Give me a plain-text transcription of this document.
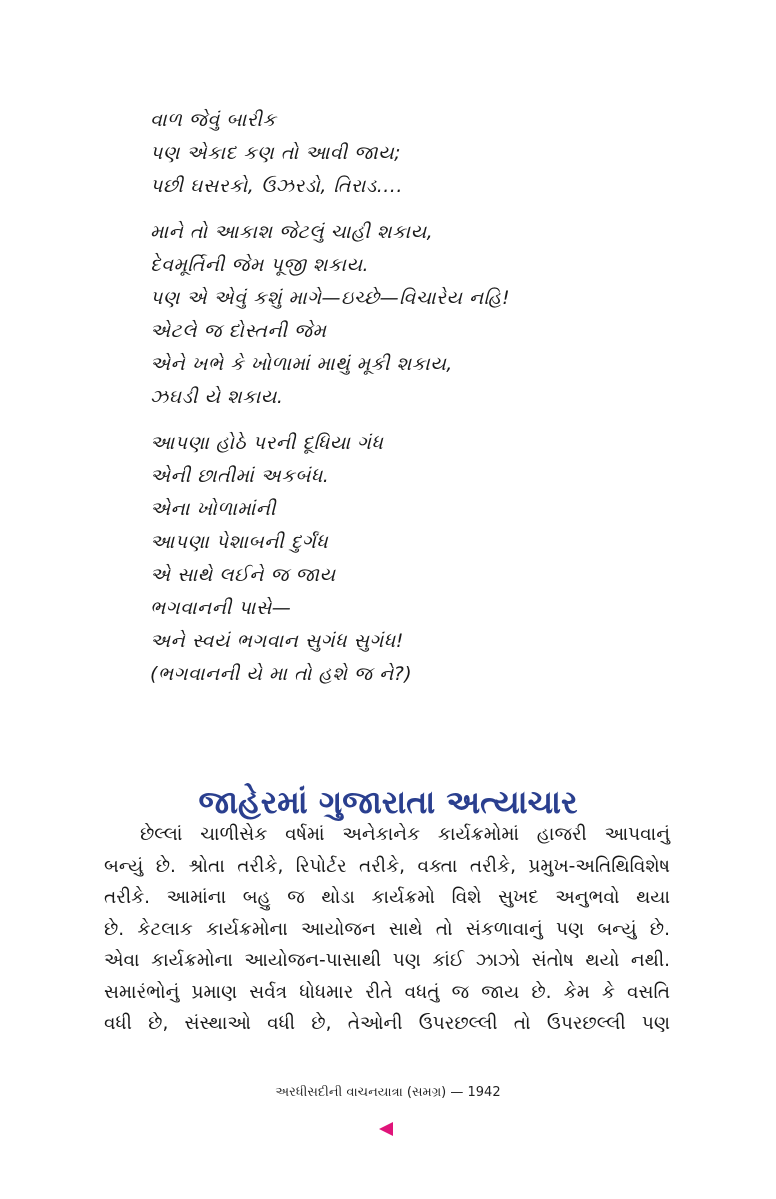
વાળ જેવું બારીક
પણ એકાદ કણ તો આવી જાય;
પછી ઘસરકો, ઉઝરડો, તિરાડ....
માને તો આકાશ જેટલું ચાહી શકાય,
દેવમૂર્તિની જેમ પૂજી શકાય.
પણ એ એવું કશું માગે—ઇચ્છે—વિચારેય નહિ!
એટલે જ દોસ્તની જેમ
એને ખભે કે ખોળામાં માથું મૂકી શકાય,
ઝઘડી યે શકાય.
આપણા હોઠે પરની દૂધિયા ગંધ
એની છાતીમાં અકબંધ.
એના ખોળામાંની
આપણા પેશાબની દુર્ગંધ
એ સાથે લઈને જ જાય
ભગવાનની પાસે—
અને સ્વયં ભગવાન સુગંધ સુગંધ!
(ભગવાનની યે મા તો હશે જ ને?)
જાહેરમાં ગુજારાતા અત્યાચાર
છેલ્લાં ચાળીસેક વર્ષમાં અનેકાનેક કાર્યક્રમોમાં હાજરી આપવાનું
બન્યું છે. શ્રોતા તરીકે, રિપોર્ટર તરીકે, વક્તા તરીકે, પ્રમુખ-અતિથિવિશેષ
તરીકે. આમાંના બહુ જ થોડા કાર્યક્રમો વિશે સુખદ અનુભવો થયા
છે. કેટલાક કાર્યક્રમોના આયોજન સાથે તો સંકળાવાનું પણ બન્યું છે.
એવા કાર્યક્રમોના આયોજન-પાસાથી પણ કાંઈ ઝાઝો સંતોષ થયો નથી.
સમારંભોનું પ્રમાણ સર્વત્ર ધોધમાર રીતે વધતું જ જાય છે. કેમ કે વસતિ
વધી છે, સંસ્થાઓ વધી છે, તેઓની ઉપરછલ્લી તો ઉપરછલ્લી પણ
અરધીસદીની વાચનયાત્રા (સમગ્ર) — 1942
